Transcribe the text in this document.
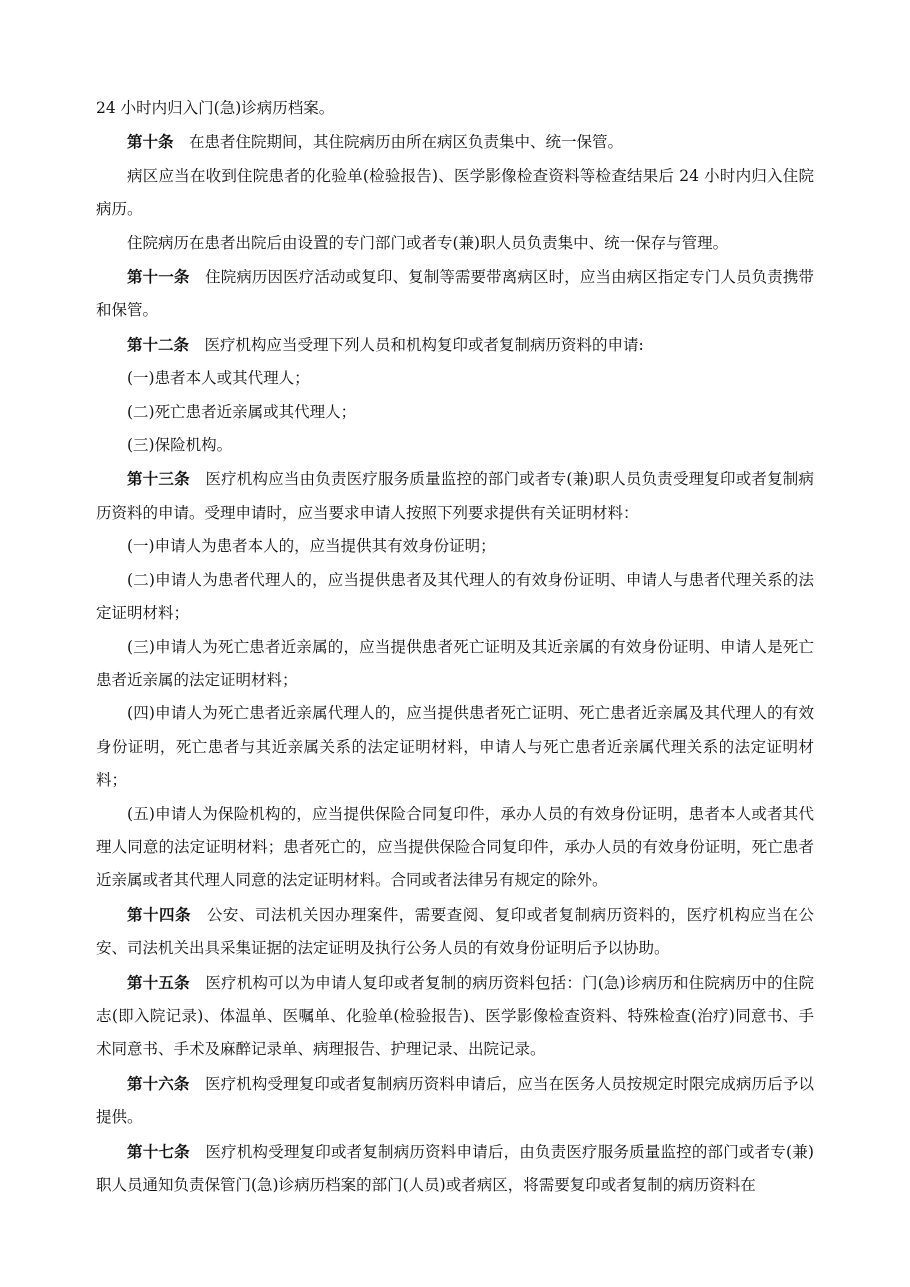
24 小时内归入门(急)诊病历档案。

第十条 在患者住院期间，其住院病历由所在病区负责集中、统一保管。

病区应当在收到住院患者的化验单(检验报告)、医学影像检查资料等检查结果后 24 小时内归入住院病历。

住院病历在患者出院后由设置的专门部门或者专(兼)职人员负责集中、统一保存与管理。

第十一条 住院病历因医疗活动或复印、复制等需要带离病区时，应当由病区指定专门人员负责携带和保管。

第十二条 医疗机构应当受理下列人员和机构复印或者复制病历资料的申请:

(一)患者本人或其代理人；

(二)死亡患者近亲属或其代理人；

(三)保险机构。

第十三条 医疗机构应当由负责医疗服务质量监控的部门或者专(兼)职人员负责受理复印或者复制病历资料的申请。受理申请时，应当要求申请人按照下列要求提供有关证明材料：

(一)申请人为患者本人的，应当提供其有效身份证明；

(二)申请人为患者代理人的，应当提供患者及其代理人的有效身份证明、申请人与患者代理关系的法定证明材料；

(三)申请人为死亡患者近亲属的，应当提供患者死亡证明及其近亲属的有效身份证明、申请人是死亡患者近亲属的法定证明材料；

(四)申请人为死亡患者近亲属代理人的，应当提供患者死亡证明、死亡患者近亲属及其代理人的有效身份证明，死亡患者与其近亲属关系的法定证明材料，申请人与死亡患者近亲属代理关系的法定证明材料；

(五)申请人为保险机构的，应当提供保险合同复印件，承办人员的有效身份证明，患者本人或者其代理人同意的法定证明材料；患者死亡的，应当提供保险合同复印件，承办人员的有效身份证明，死亡患者近亲属或者其代理人同意的法定证明材料。合同或者法律另有规定的除外。

第十四条 公安、司法机关因办理案件，需要查阅、复印或者复制病历资料的，医疗机构应当在公安、司法机关出具采集证据的法定证明及执行公务人员的有效身份证明后予以协助。

第十五条 医疗机构可以为申请人复印或者复制的病历资料包括：门(急)诊病历和住院病历中的住院志(即入院记录)、体温单、医嘱单、化验单(检验报告)、医学影像检查资料、特殊检查(治疗)同意书、手术同意书、手术及麻醉记录单、病理报告、护理记录、出院记录。

第十六条 医疗机构受理复印或者复制病历资料申请后，应当在医务人员按规定时限完成病历后予以提供。

第十七条 医疗机构受理复印或者复制病历资料申请后，由负责医疗服务质量监控的部门或者专(兼)职人员通知负责保管门(急)诊病历档案的部门(人员)或者病区，将需要复印或者复制的病历资料在
